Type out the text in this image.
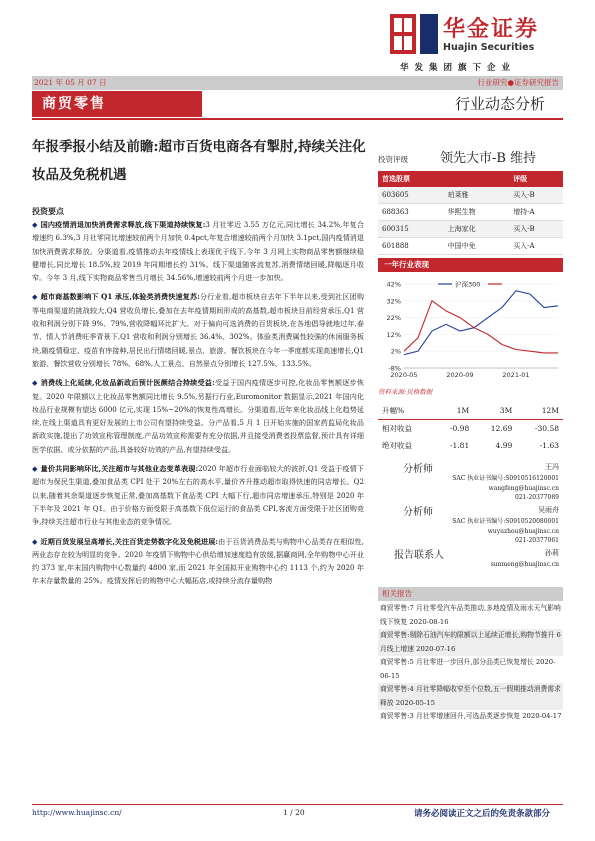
华金证券
Huajin Securities
华发集团旗下企业
2021 年 05 月 07 日	行业研究●证券研究报告
商贸零售	行业动态分析
年报季报小结及前瞻:超市百货电商各有掣肘,持续关注化妆品及免税机遇
投资要点

◆ 国内疫情消退加快消费需求释放,线下渠道持续恢复:3 月社零近 3.55 万亿元,同比增长 34.2%,年复合增速约 6.3%,3 月社零同比增速较前两个月加快 0.4pct,年复合增速较前两个月加快 3.1pct,国内疫情消退加快消费需求释放。分渠道看,疫情推动去年疫情线上表现优于线下,今年 3 月网上实物商品零售额继续稳健增长,同比增长 18.5%,较 2019 年同期增长约 31%。线下渠道随客流复苏,消费情绪回暖,降幅逐月收窄。今年 3 月,线下实物商品零售当月增长 34.56%,增速较前两个月进一步加快。

◆ 超市商基数影响下 Q1 承压,体验类消费快速复苏:分行业看,超市板块自去年下半年以来,受到社区团购等电商渠道的挑战较大,Q4 营收负增长,叠加在去年疫情期间形成的高基数,超市板块目前经营承压,Q1 营收和利润分别下降 9%、79%,营收降幅环比扩大。对于偏向可选消费的百货板块,在各地倡导就地过年,春节、情人节消费旺季背景下,Q1 营收和利润分别增长 36.4%、302%。体验类消费属性较强的休闲服务板块,随疫情稳定、疫苗有序接种,居民出行情绪回暖,景点、旅游、餐饮板块在今年一季度都实现高速增长,Q1 旅游、餐饮营收分别增长 78%、68%,人工景点、自然景点分别增长 127.5%、133.5%。

◆ 消费线上化延续,化妆品新政后预计医颜结合持续受益:受益于国内疫情逐步可控,化妆品零售额逐步恢复。2020 年限额以上化妆品零售额同比增长 9.5%,另据行行业,Euromonitor 数据显示,2021 年国内化妆品行业规模有望达 6000 亿元,实现 15%~20%的恢复性高增长。分渠道看,近年来化妆品线上化趋势延续,在线上渠道具有更好发展的上市公司有望持续受益。分产品看,5 月 1 日开始实施的国家药监局化妆品新政实施,提出了功效宣称管理制度,产品功效宣称需要有充分依据,并且接受消费者投票监督,预计具有详细医学依据、或分依据的产品,具备较好功效的产品,有望持续受益。

◆ 量价共同影响环比,关注超市与其他业态变革表现:2020 年超市行业面临较大的波折,Q1 受益于疫情下超市为保民生渠道,叠加食品类 CPI 处于 20%左右的高水平,量价齐升推动超市取得快速的同店增长。Q2 以来,随着其余渠道逐步恢复正常,叠加高基数下食品类 CPI 大幅下行,超市同店增速承压,特别是 2020 年下半年及 2021 年 Q1。由于价格方面受限于高基数下低位运行的食品类 CPI,客流方面受限于社区团购竞争,持续关注超市行业与其他业态的竞争情况。

◆ 近期百货发展呈高增长,关注百货走势数字化及免税进展:由于百货消费品类与购物中心品类存在相似性,两业态存在较为明显的竞争。2020 年疫情下购物中心供给增加速度趋有放缓,据赢商网,全年购物中心开业约 373 家,年末国内购物中心数量约 4800 家,而 2021 年全国拟开业购物中心约 1113 个,约为 2020 年年末存量数量的 25%。疫情发挥后的购物中心大幅拓店,或持续分流存量购物

投资评级 领先大市-B 维持
首选股票		评级
603605	珀莱雅	买入-B
688363	华熙生物	增持-A
600315	上海家化	买入-B
601888	中国中免	买入-A
一年行业表现
42%
32%
22%
12%
2%
-8%
2020-05	2020-09	2021-01
沪深300
资料来源:贝格数据
升幅%	1M	3M	12M
相对收益	-0.98	12.69	-30.58
绝对收益	-1.81	4.99	-1.63
分析师	王冯
SAC 执业证书编号:S0910516120001
wangfeng@huajinsc.cn
021-20377089
分析师	吴雨舟
SAC 执业证书编号:S0910520080001
wuyuzhou@huajinsc.cn
021-20377061
报告联系人	孙莉
sunmeng@huajinsc.cn
相关报告
商贸零售:7 月社零受汽车品类推动,多地疫情及雨水天气影响线下恢复 2020-08-16
商贸零售:剔除石油汽车的限额以上延续正增长,购物节推升 6 月线上增速 2020-07-16
商贸零售:5 月社零进一步回升,部分品类已恢复增长 2020-06-15
商贸零售:4 月社零降幅收窄至个位数,五一假期推动消费需求释放 2020-05-15
商贸零售:3 月社零增速回升,可选品类逐步恢复 2020-04-17
http://www.huajinsc.cn/	1 / 20	请务必阅读正文之后的免责条款部分
